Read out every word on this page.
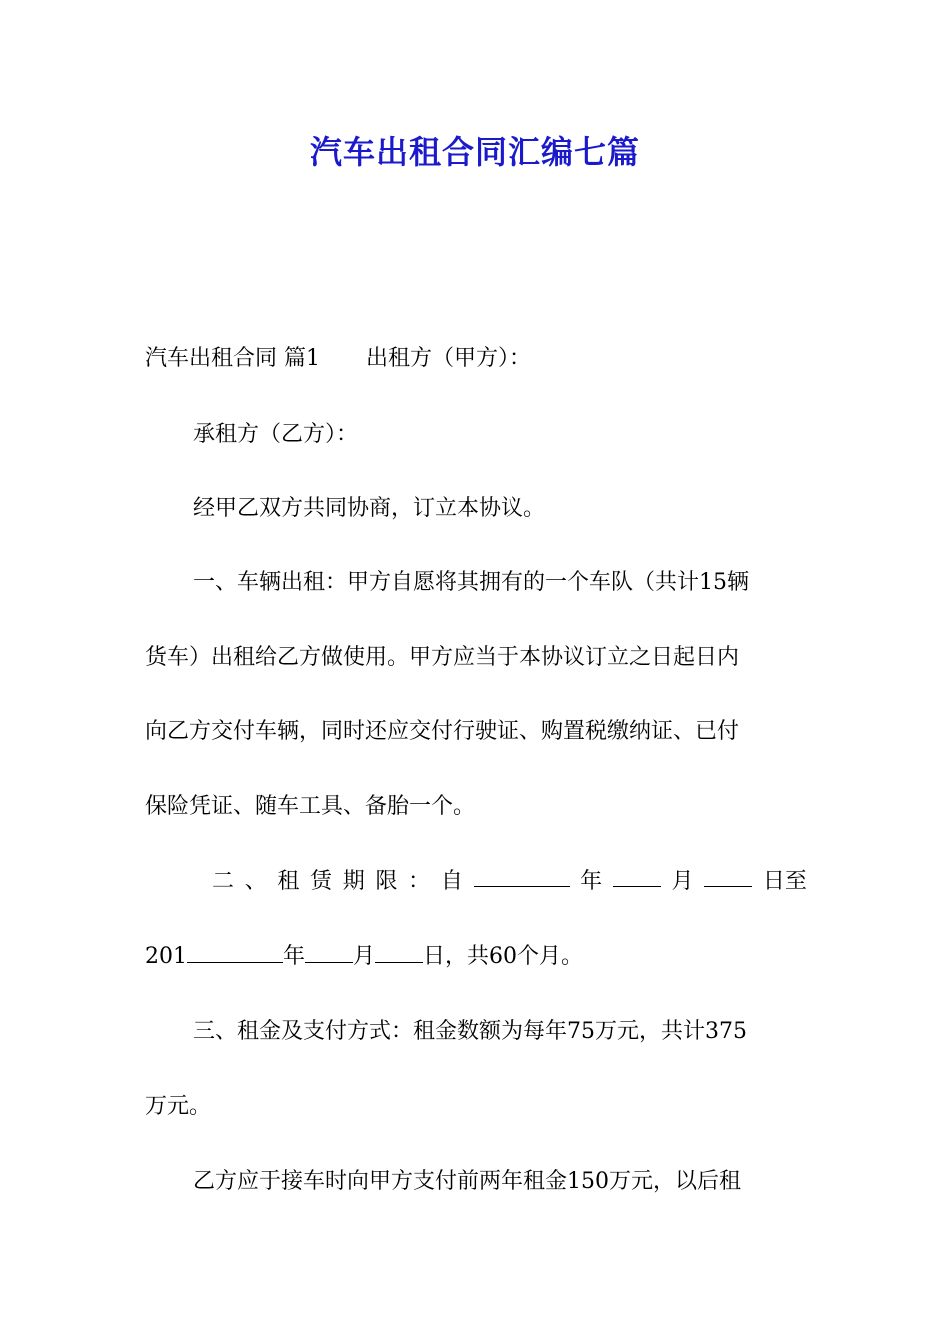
汽车出租合同汇编七篇
汽车出租合同 篇1 出租方（甲方）：
承租方（乙方）：
经甲乙双方共同协商，订立本协议。
一、车辆出租：甲方自愿将其拥有的一个车队（共计15辆
货车）出租给乙方做使用。甲方应当于本协议订立之日起日内
向乙方交付车辆，同时还应交付行驶证、购置税缴纳证、已付
保险凭证、随车工具、备胎一个。
二 、 租 赁 期 限 ： 自	年	月	日至
201	年 月 日，共60个月。
三、租金及支付方式：租金数额为每年75万元，共计375
万元。
乙方应于接车时向甲方支付前两年租金150万元，以后租
